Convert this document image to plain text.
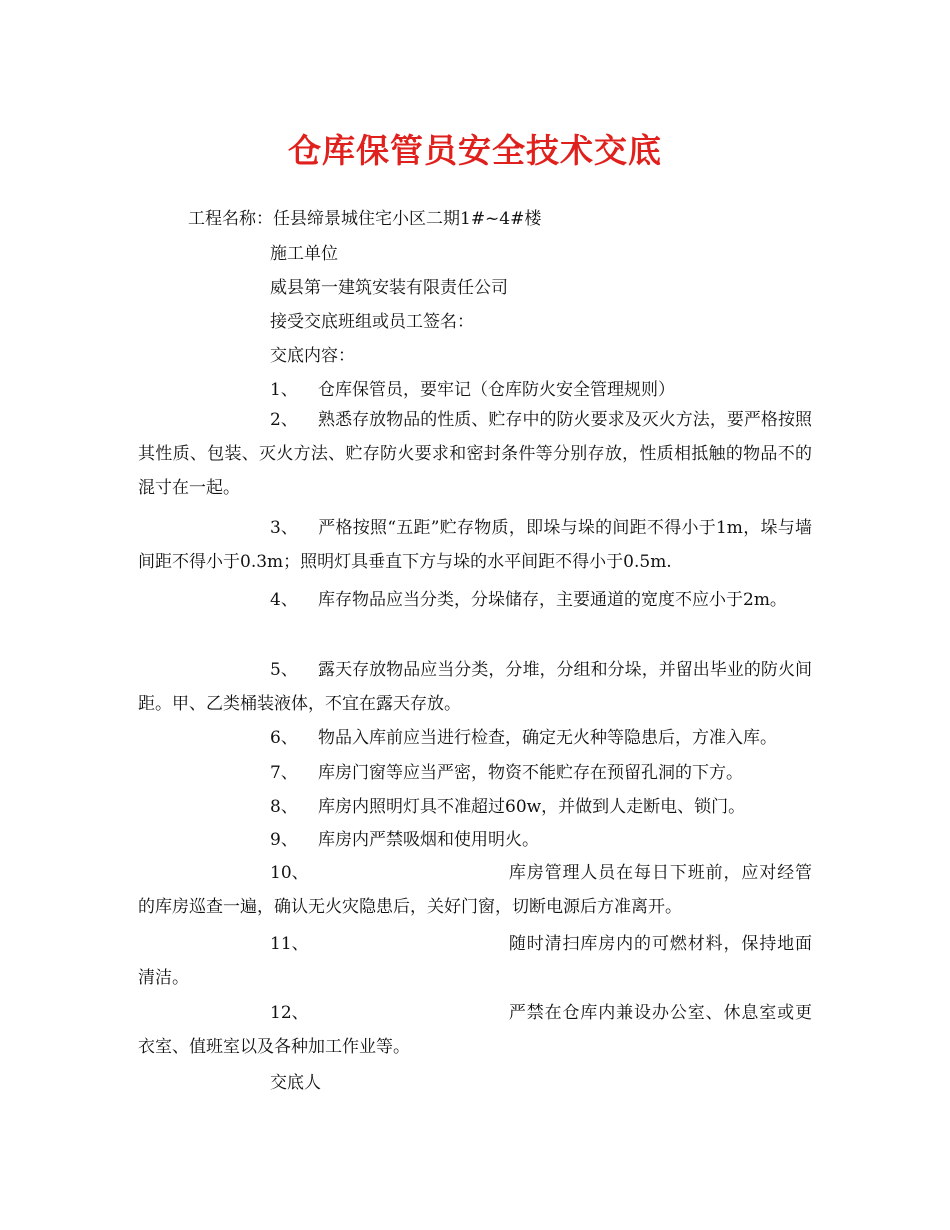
仓库保管员安全技术交底

工程名称：任县缔景城住宅小区二期1#~4#楼

施工单位

威县第一建筑安装有限责任公司

接受交底班组或员工签名：

交底内容：

1、 仓库保管员，要牢记（仓库防火安全管理规则）

2、 熟悉存放物品的性质、贮存中的防火要求及灭火方法，要严格按照其性质、包装、灭火方法、贮存防火要求和密封条件等分别存放，性质相抵触的物品不的混寸在一起。

3、 严格按照“五距”贮存物质，即垛与垛的间距不得小于1m，垛与墙间距不得小于0.3m；照明灯具垂直下方与垛的水平间距不得小于0.5m.

4、 库存物品应当分类，分垛储存，主要通道的宽度不应小于2m。

5、 露天存放物品应当分类，分堆，分组和分垛，并留出毕业的防火间距。甲、乙类桶装液体，不宜在露天存放。

6、 物品入库前应当进行检查，确定无火种等隐患后，方准入库。

7、 库房门窗等应当严密，物资不能贮存在预留孔洞的下方。

8、 库房内照明灯具不准超过60w，并做到人走断电、锁门。

9、 库房内严禁吸烟和使用明火。

10、	库房管理人员在每日下班前，应对经管的库房巡查一遍，确认无火灾隐患后，关好门窗，切断电源后方准离开。

11、	随时清扫库房内的可燃材料，保持地面清洁。

12、	严禁在仓库内兼设办公室、休息室或更衣室、值班室以及各种加工作业等。

交底人
